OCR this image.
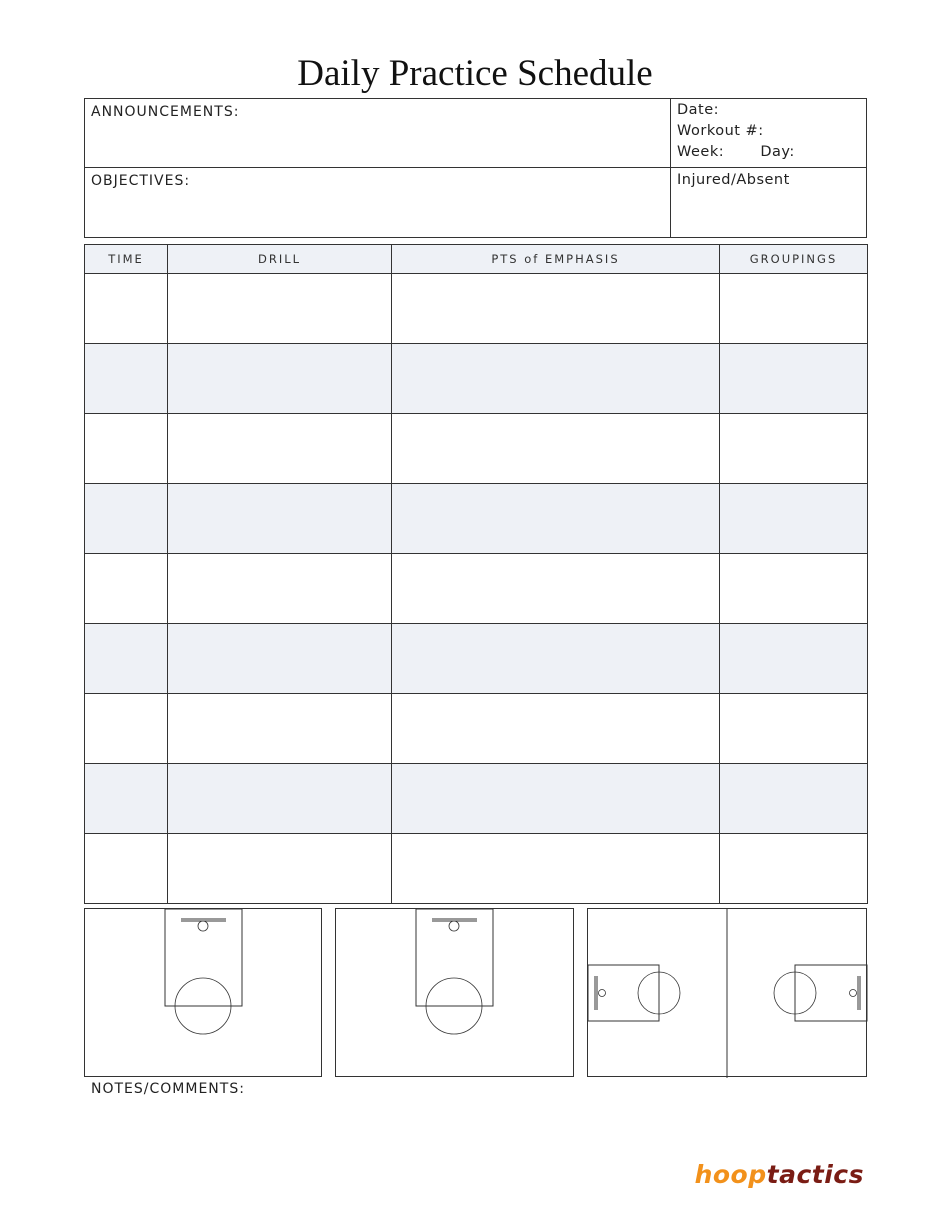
Daily Practice Schedule
ANNOUNCEMENTS:	Date:
Workout #:
Week: Day:
OBJECTIVES:	Injured/Absent
TIME	DRILL	PTS of EMPHASIS	GROUPINGS

NOTES/COMMENTS:
hooptactics
